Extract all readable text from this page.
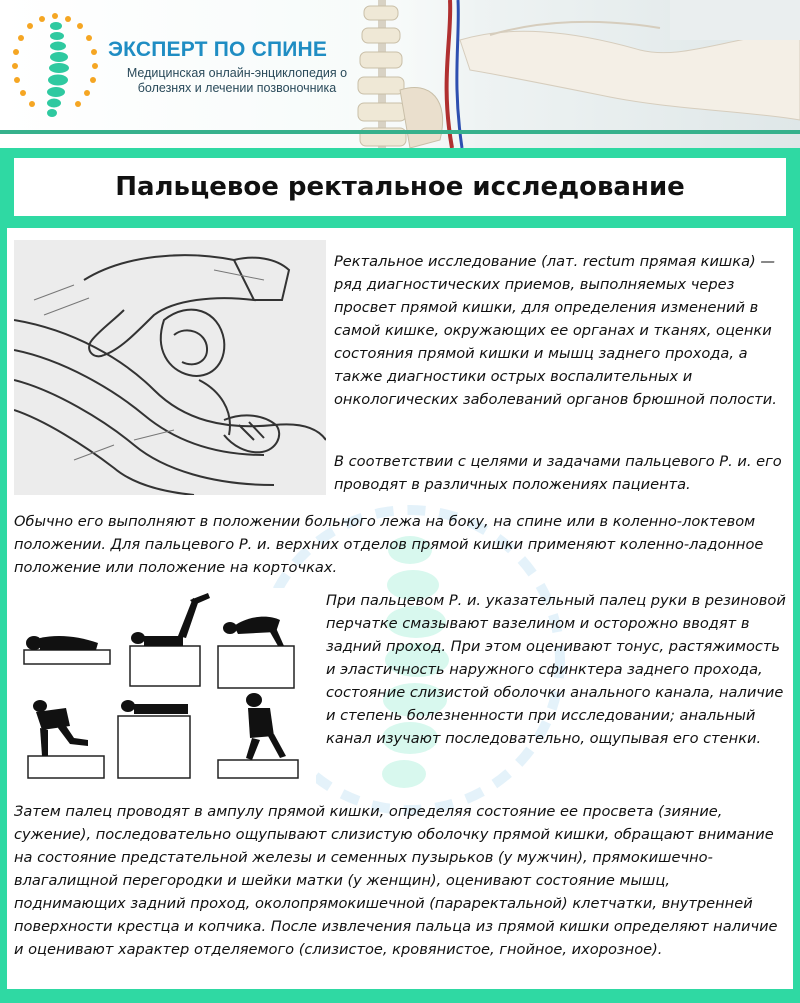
ЭКСПЕРТ ПО СПИНЕ
Медицинская онлайн-энциклопедия о болезнях и лечении позвоночника
Пальцевое ректальное исследование

Ректальное исследование (лат. rectum прямая кишка) — ряд диагностических приемов, выполняемых через просвет прямой кишки, для определения изменений в самой кишке, окружающих ее органах и тканях, оценки состояния прямой кишки и мышц заднего прохода, а также диагностики острых воспалительных и онкологических заболеваний органов брюшной полости.

В соответствии с целями и задачами пальцевого Р. и. его проводят в различных положениях пациента.

Обычно его выполняют в положении больного лежа на боку, на спине или в коленно-локтевом положении. Для пальцевого Р. и. верхних отделов прямой кишки применяют коленно-ладонное положение или положение на корточках.

При пальцевом Р. и. указательный палец руки в резиновой перчатке смазывают вазелином и осторожно вводят в задний проход. При этом оценивают тонус, растяжимость и эластичность наружного сфинктера заднего прохода, состояние слизистой оболочки анального канала, наличие и степень болезненности при исследовании; анальный канал изучают последовательно, ощупывая его стенки.

Затем палец проводят в ампулу прямой кишки, определяя состояние ее просвета (зияние, сужение), последовательно ощупывают слизистую оболочку прямой кишки, обращают внимание на состояние предстательной железы и семенных пузырьков (у мужчин), прямокишечно-влагалищной перегородки и шейки матки (у женщин), оценивают состояние мышц, поднимающих задний проход, околопрямокишечной (параректальной) клетчатки, внутренней поверхности крестца и копчика. После извлечения пальца из прямой кишки определяют наличие и оценивают характер отделяемого (слизистое, кровянистое, гнойное, ихорозное).
